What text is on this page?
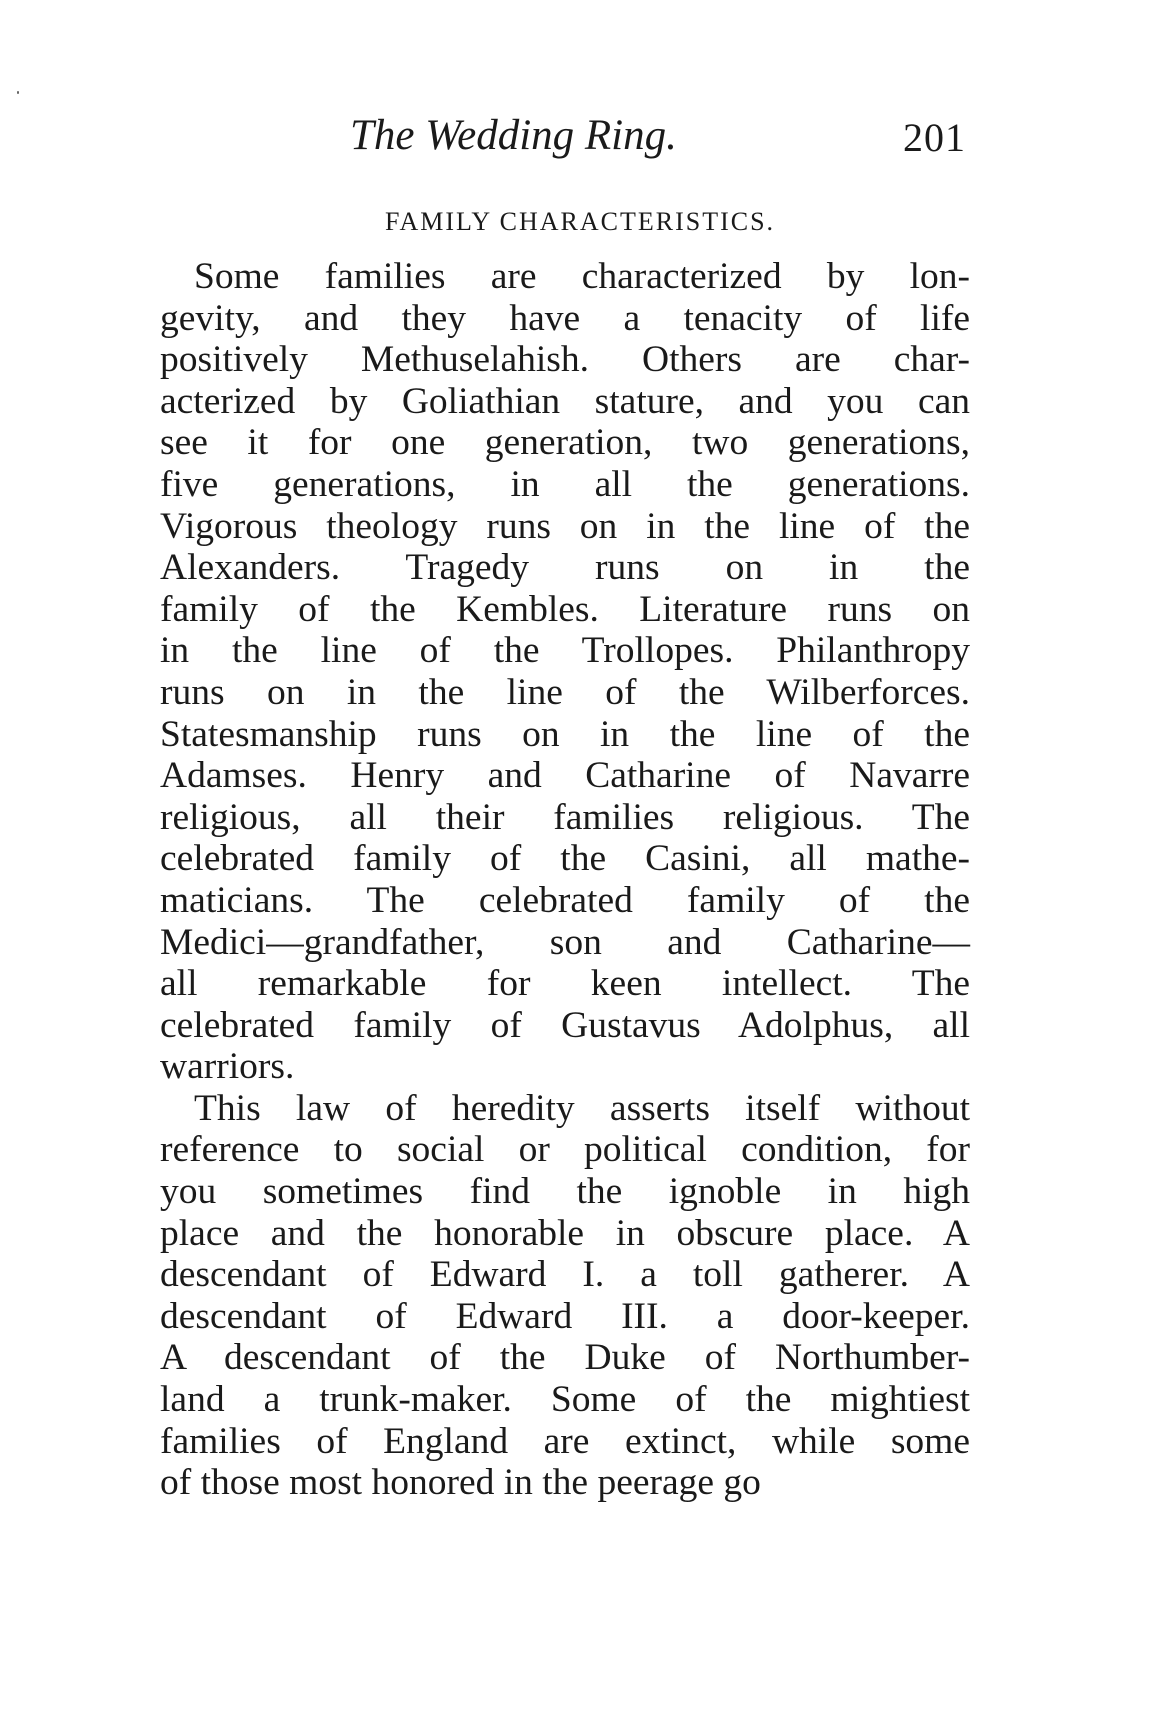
The Wedding Ring.	201
FAMILY CHARACTERISTICS.
Some families are characterized by lon-
gevity, and they have a tenacity of life
positively Methuselahish. Others are char-
acterized by Goliathian stature, and you can
see it for one generation, two generations,
five generations, in all the generations.
Vigorous theology runs on in the line of the
Alexanders. Tragedy runs on in the
family of the Kembles. Literature runs on
in the line of the Trollopes. Philanthropy
runs on in the line of the Wilberforces.
Statesmanship runs on in the line of the
Adamses. Henry and Catharine of Navarre
religious, all their families religious. The
celebrated family of the Casini, all mathe-
maticians. The celebrated family of the
Medici—grandfather, son and Catharine—
all remarkable for keen intellect. The
celebrated family of Gustavus Adolphus, all
warriors.
This law of heredity asserts itself without
reference to social or political condition, for
you sometimes find the ignoble in high
place and the honorable in obscure place. A
descendant of Edward I. a toll gatherer. A
descendant of Edward III. a door-keeper.
A descendant of the Duke of Northumber-
land a trunk-maker. Some of the mightiest
families of England are extinct, while some
of those most honored in the peerage go
